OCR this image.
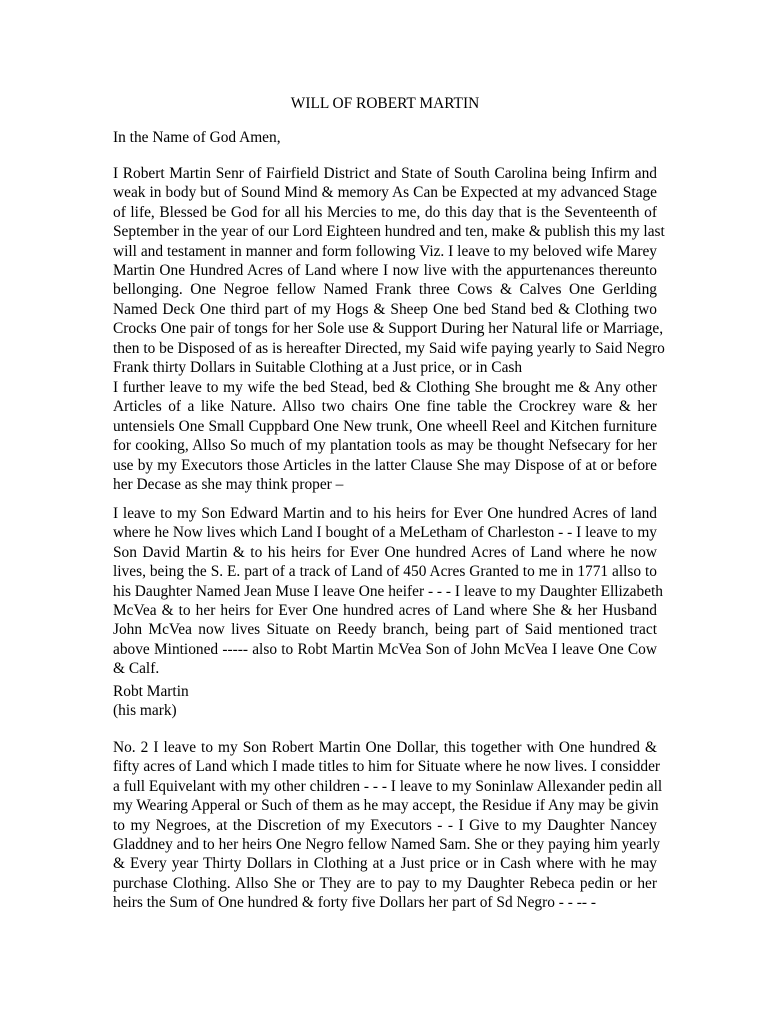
WILL OF ROBERT MARTIN
In the Name of God Amen,
I Robert Martin Senr of Fairfield District and State of South Carolina being Infirm and
weak in body but of Sound Mind & memory As Can be Expected at my advanced Stage
of life, Blessed be God for all his Mercies to me, do this day that is the Seventeenth of
September in the year of our Lord Eighteen hundred and ten, make & publish this my last
will and testament in manner and form following Viz. I leave to my beloved wife Marey
Martin One Hundred Acres of Land where I now live with the appurtenances thereunto
bellonging. One Negroe fellow Named Frank three Cows & Calves One Gerlding
Named Deck One third part of my Hogs & Sheep One bed Stand bed & Clothing two
Crocks One pair of tongs for her Sole use & Support During her Natural life or Marriage,
then to be Disposed of as is hereafter Directed, my Said wife paying yearly to Said Negro
Frank thirty Dollars in Suitable Clothing at a Just price, or in Cash
I further leave to my wife the bed Stead, bed & Clothing She brought me & Any other
Articles of a like Nature. Allso two chairs One fine table the Crockrey ware & her
untensiels One Small Cuppbard One New trunk, One wheell Reel and Kitchen furniture
for cooking, Allso So much of my plantation tools as may be thought Nefsecary for her
use by my Executors those Articles in the latter Clause She may Dispose of at or before
her Decase as she may think proper –
I leave to my Son Edward Martin and to his heirs for Ever One hundred Acres of land
where he Now lives which Land I bought of a MeLetham of Charleston - - I leave to my
Son David Martin & to his heirs for Ever One hundred Acres of Land where he now
lives, being the S. E. part of a track of Land of 450 Acres Granted to me in 1771 allso to
his Daughter Named Jean Muse I leave One heifer - - - I leave to my Daughter Ellizabeth
McVea & to her heirs for Ever One hundred acres of Land where She & her Husband
John McVea now lives Situate on Reedy branch, being part of Said mentioned tract
above Mintioned ----- also to Robt Martin McVea Son of John McVea I leave One Cow
& Calf.
Robt Martin
(his mark)
No. 2 I leave to my Son Robert Martin One Dollar, this together with One hundred &
fifty acres of Land which I made titles to him for Situate where he now lives. I considder
a full Equivelant with my other children - - - I leave to my Soninlaw Allexander pedin all
my Wearing Apperal or Such of them as he may accept, the Residue if Any may be givin
to my Negroes, at the Discretion of my Executors - - I Give to my Daughter Nancey
Gladdney and to her heirs One Negro fellow Named Sam. She or they paying him yearly
& Every year Thirty Dollars in Clothing at a Just price or in Cash where with he may
purchase Clothing. Allso She or They are to pay to my Daughter Rebeca pedin or her
heirs the Sum of One hundred & forty five Dollars her part of Sd Negro - - -- -
